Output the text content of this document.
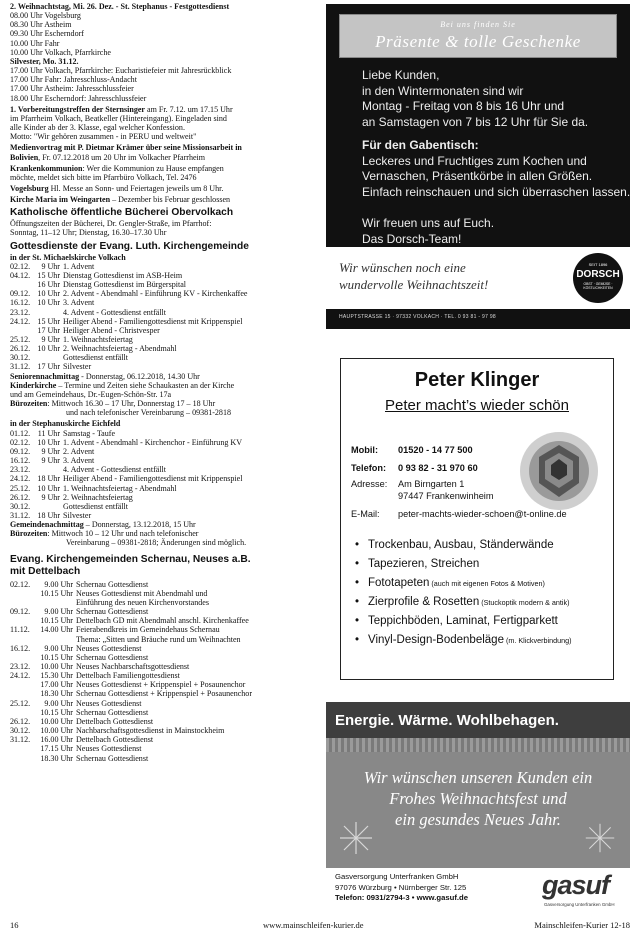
2. Weihnachtstag, Mi. 26. Dez. - St. Stephanus - Festgottesdienst
08.00 Uhr Vogelsburg
08.30 Uhr Astheim
09.30 Uhr Escherndorf
10.00 Uhr Fahr
10.00 Uhr Volkach, Pfarrkirche
Silvester, Mo. 31.12.
17.00 Uhr Volkach, Pfarrkirche: Eucharistiefeier mit Jahresrückblick
17.00 Uhr Fahr: Jahresschluss-Andacht
17.00 Uhr Astheim: Jahresschlussfeier
18.00 Uhr Escherndorf: Jahresschlussfeier
1. Vorbereitungstreffen der Sternsinger am Fr. 7.12. um 17.15 Uhr
im Pfarrheim Volkach, Beatkeller (Hintereingang). Eingeladen sind
alle Kinder ab der 3. Klasse, egal welcher Konfession.
Motto: "Wir gehören zusammen - in PERU und weltweit"
Medienvortrag mit P. Dietmar Krämer über seine Missionsarbeit in
Bolivien, Fr. 07.12.2018 um 20 Uhr im Volkacher Pfarrheim
Krankenkommunion: Wer die Kommunion zu Hause empfangen
möchte, meldet sich bitte im Pfarrbüro Volkach, Tel. 2476
Vogelsburg Hl. Messe an Sonn- und Feiertagen jeweils um 8 Uhr.
Kirche Maria im Weingarten – Dezember bis Februar geschlossen
Katholische öffentliche Bücherei Obervolkach
Öffnungszeiten der Bücherei, Dr. Gengler-Straße, im Pfarrhof:
Sonntag, 11–12 Uhr; Dienstag, 16.30–17.30 Uhr
Gottesdienste der Evang. Luth. Kirchengemeinde
in der St. Michaelskirche Volkach
02.12. 9 Uhr 1. Advent
04.12. 15 Uhr Dienstag Gottesdienst im ASB-Heim
16 Uhr Dienstag Gottesdienst im Bürgerspital
09.12. 10 Uhr 2. Advent - Abendmahl - Einführung KV - Kirchenkaffee
16.12. 10 Uhr 3. Advent
23.12.	4. Advent - Gottesdienst entfällt
24.12. 15 Uhr Heiliger Abend - Familiengottesdienst mit Krippenspiel
17 Uhr Heiliger Abend - Christvesper
25.12. 9 Uhr 1. Weihnachtsfeiertag
26.12. 10 Uhr 2. Weihnachtsfeiertag - Abendmahl
30.12.	Gottesdienst entfällt
31.12. 17 Uhr Silvester
Seniorennachmittag - Donnerstag, 06.12.2018, 14.30 Uhr
Kinderkirche – Termine und Zeiten siehe Schaukasten an der Kirche
und am Gemeindehaus, Dr.-Eugen-Schön-Str. 17a
Bürozeiten: Mittwoch 16.30 – 17 Uhr, Donnerstag 17 – 18 Uhr
und nach telefonischer Vereinbarung – 09381-2818
in der Stephanuskirche Eichfeld
01.12. 11 Uhr Samstag - Taufe
02.12. 10 Uhr 1. Advent - Abendmahl - Kirchenchor - Einführung KV
09.12. 9 Uhr 2. Advent
16.12. 9 Uhr 3. Advent
23.12.	4. Advent - Gottesdienst entfällt
24.12. 18 Uhr Heiliger Abend - Familiengottesdienst mit Krippenspiel
25.12. 10 Uhr 1. Weihnachtsfeiertag - Abendmahl
26.12. 9 Uhr 2. Weihnachtsfeiertag
30.12.	Gottesdienst entfällt
31.12. 18 Uhr Silvester
Gemeindenachmittag – Donnerstag, 13.12.2018, 15 Uhr
Bürozeiten: Mittwoch 10 – 12 Uhr und nach telefonischer
Vereinbarung – 09381-2818; Änderungen sind möglich.
Evang. Kirchengemeinden Schernau, Neuses a.B.
mit Dettelbach
02.12. 9.00 Uhr Schernau Gottesdienst
10.15 Uhr Neuses Gottesdienst mit Abendmahl und
Einführung des neuen Kirchenvorstandes
09.12. 9.00 Uhr Schernau Gottesdienst
10.15 Uhr Dettelbach GD mit Abendmahl anschl. Kirchenkaffee
11.12. 14.00 Uhr Feierabendkreis im Gemeindehaus Schernau
Thema: „Sitten und Bräuche rund um Weihnachten
16.12. 9.00 Uhr Neuses Gottesdienst
10.15 Uhr Schernau Gottesdienst
23.12. 10.00 Uhr Neuses Nachbarschaftsgottesdienst
24.12. 15.30 Uhr Dettelbach Familiengottesdienst
17.00 Uhr Neuses Gottesdienst + Krippenspiel + Posaunenchor
18.30 Uhr Schernau Gottesdienst + Krippenspiel + Posaunenchor
25.12. 9.00 Uhr Neuses Gottesdienst
10.15 Uhr Schernau Gottesdienst
26.12. 10.00 Uhr Dettelbach Gottesdienst
30.12. 10.00 Uhr Nachbarschaftsgottesdienst in Mainstockheim
31.12. 16.00 Uhr Dettelbach Gottesdienst
17.15 Uhr Neuses Gottesdienst
18.30 Uhr Schernau Gottesdienst
Bei uns finden Sie
Präsente & tolle Geschenke
Liebe Kunden,
in den Wintermonaten sind wir
Montag - Freitag von 8 bis 16 Uhr und
an Samstagen von 7 bis 12 Uhr für Sie da.
Für den Gabentisch:
Leckeres und Fruchtiges zum Kochen und
Vernaschen, Präsentkörbe in allen Größen.
Einfach reinschauen und sich überraschen lassen.
Wir freuen uns auf Euch.
Das Dorsch-Team!
Wir wünschen noch eine
wundervolle Weihnachtszeit!
SEIT 1896
DORSCH
OBST · GEMÜSE · KÖSTLICHKEITEN
HAUPTSTRASSE 15 · 97332 VOLKACH · TEL. 0 93 81 - 97 98
Peter Klinger
Peter macht’s wieder schön
Mobil: 01520 - 14 77 500
Telefon: 0 93 82 - 31 970 60
Adresse: Am Birngarten 1
97447 Frankenwinheim
E-Mail: peter-machts-wieder-schoen@t-online.de
• Trockenbau, Ausbau, Ständerwände
• Tapezieren, Streichen
• Fototapeten (auch mit eigenen Fotos & Motiven)
• Zierprofile & Rosetten (Stuckoptik modern & antik)
• Teppichböden, Laminat, Fertigparkett
• Vinyl-Design-Bodenbeläge (m. Klickverbindung)
Energie. Wärme. Wohlbehagen.
Wir wünschen unseren Kunden ein
Frohes Weihnachtsfest und
ein gesundes Neues Jahr.
Gasversorgung Unterfranken GmbH
97076 Würzburg • Nürnberger Str. 125
Telefon: 0931/2794-3 • www.gasuf.de	gasuf
Gasversorgung Unterfranken GmbH
16	www.mainschleifen-kurier.de	Mainschleifen-Kurier 12-18
